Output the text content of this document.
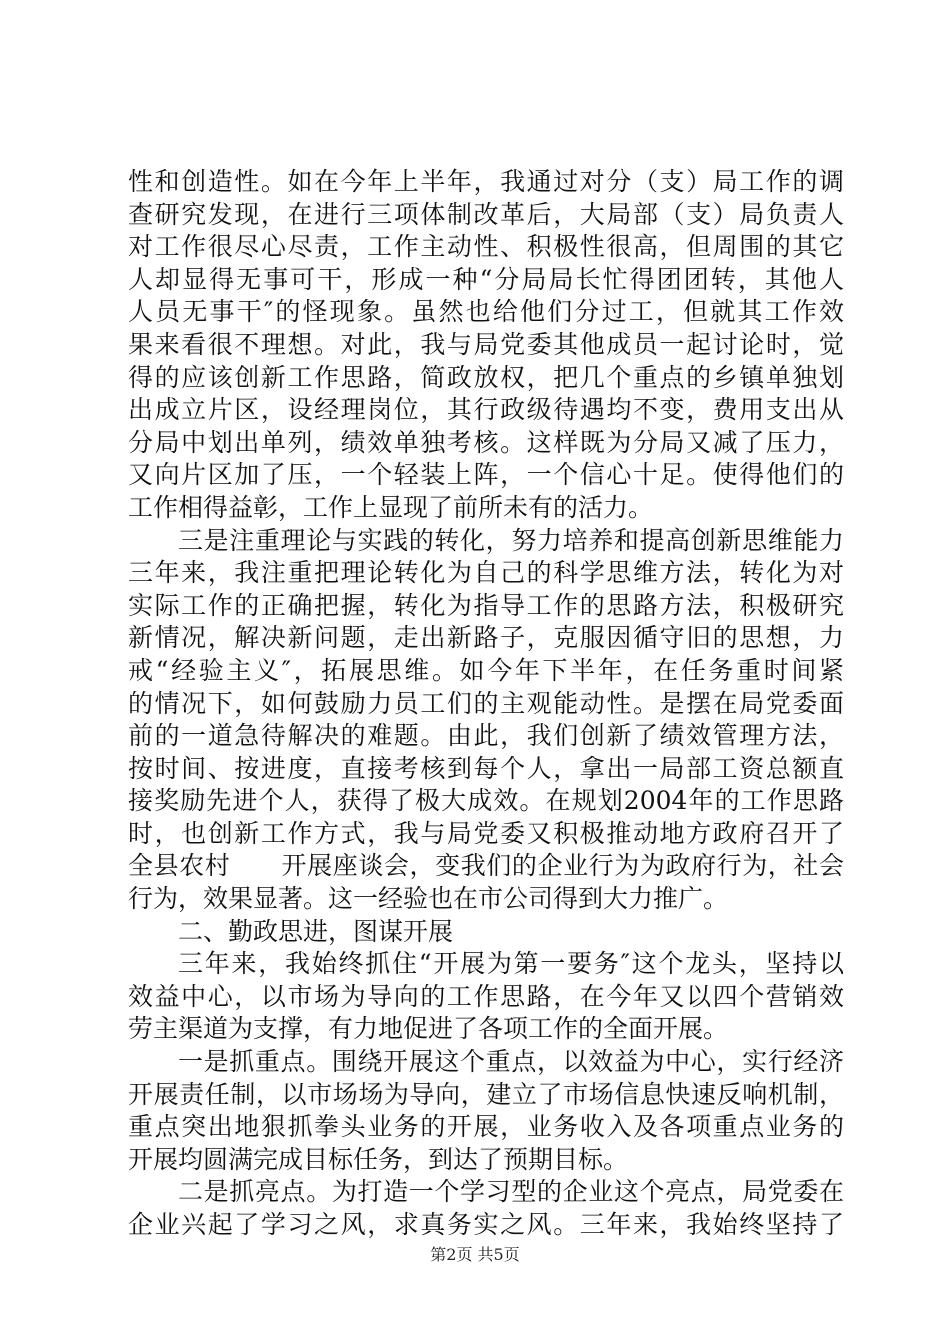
性和创造性。如在今年上半年，我通过对分（支）局工作的调
查研究发现，在进行三项体制改革后，大局部（支）局负责人
对工作很尽心尽责，工作主动性、积极性很高，但周围的其它
人却显得无事可干，形成一种“分局局长忙得团团转，其他人
人员无事干″的怪现象。虽然也给他们分过工，但就其工作效
果来看很不理想。对此，我与局党委其他成员一起讨论时，觉
得的应该创新工作思路，简政放权，把几个重点的乡镇单独划
出成立片区，设经理岗位，其行政级待遇均不变，费用支出从
分局中划出单列，绩效单独考核。这样既为分局又减了压力，
又向片区加了压，一个轻装上阵，一个信心十足。使得他们的
工作相得益彰，工作上显现了前所未有的活力。
三是注重理论与实践的转化，努力培养和提高创新思维能力
三年来，我注重把理论转化为自己的科学思维方法，转化为对
实际工作的正确把握，转化为指导工作的思路方法，积极研究
新情况，解决新问题，走出新路子，克服因循守旧的思想，力
戒“经验主义″，拓展思维。如今年下半年，在任务重时间紧
的情况下，如何鼓励力员工们的主观能动性。是摆在局党委面
前的一道急待解决的难题。由此，我们创新了绩效管理方法，
按时间、按进度，直接考核到每个人，拿出一局部工资总额直
接奖励先进个人，获得了极大成效。在规划2004年的工作思路
时，也创新工作方式，我与局党委又积极推动地方政府召开了
全县农村　　开展座谈会，变我们的企业行为为政府行为，社会
行为，效果显著。这一经验也在市公司得到大力推广。
二、勤政思进，图谋开展
三年来，我始终抓住“开展为第一要务″这个龙头，坚持以
效益中心，以市场为导向的工作思路，在今年又以四个营销效
劳主渠道为支撑，有力地促进了各项工作的全面开展。
一是抓重点。围绕开展这个重点，以效益为中心，实行经济
开展责任制，以市场场为导向，建立了市场信息快速反响机制，
重点突出地狠抓拳头业务的开展，业务收入及各项重点业务的
开展均圆满完成目标任务，到达了预期目标。
二是抓亮点。为打造一个学习型的企业这个亮点，局党委在
企业兴起了学习之风，求真务实之风。三年来，我始终坚持了
第2页 共5页
